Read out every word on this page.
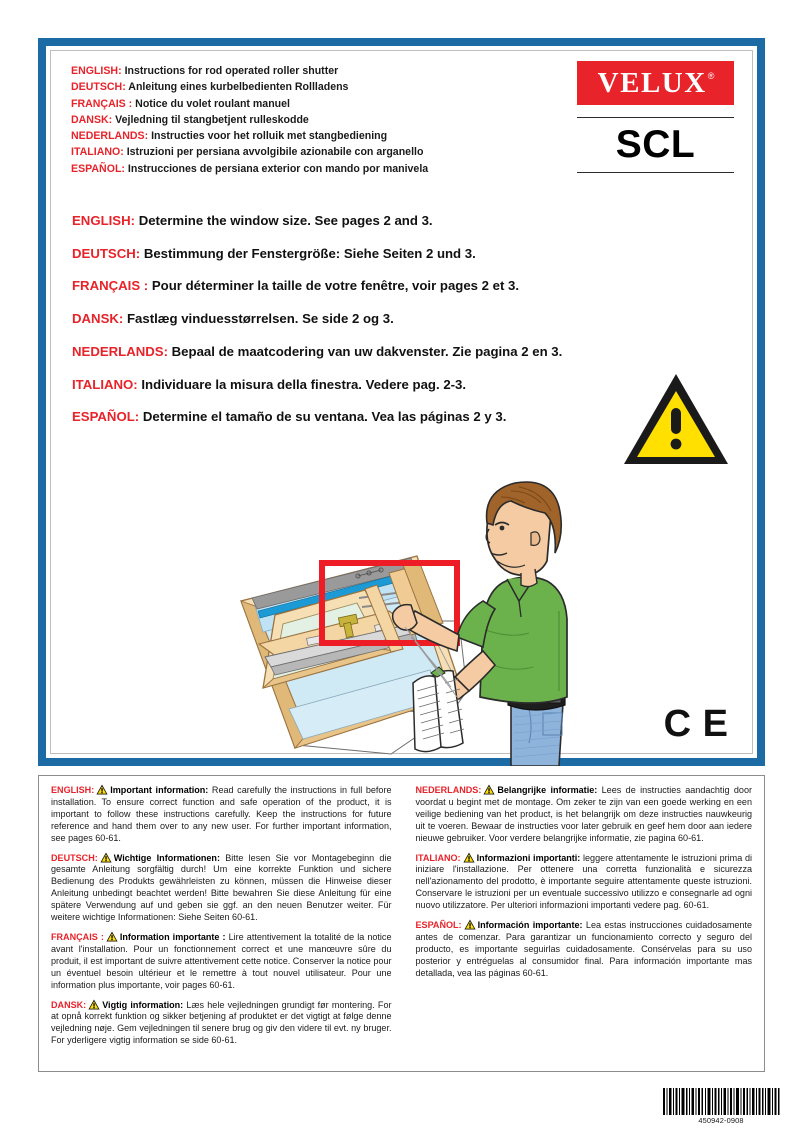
ENGLISH: Instructions for rod operated roller shutter
DEUTSCH: Anleitung eines kurbelbedienten Rollladens
FRANÇAIS : Notice du volet roulant manuel
DANSK: Vejledning til stangbetjent rulleskodde
NEDERLANDS: Instructies voor het rolluik met stangbediening
ITALIANO: Istruzioni per persiana avvolgibile azionabile con arganello
ESPAÑOL: Instrucciones de persiana exterior con mando por manivela
VELUX ®
SCL
ENGLISH: Determine the window size. See pages 2 and 3.
DEUTSCH: Bestimmung der Fenstergröße: Siehe Seiten 2 und 3.
FRANÇAIS : Pour déterminer la taille de votre fenêtre, voir pages 2 et 3.
DANSK: Fastlæg vinduesstørrelsen. Se side 2 og 3.
NEDERLANDS: Bepaal de maatcodering van uw dakvenster. Zie pagina 2 en 3.
ITALIANO: Individuare la misura della finestra. Vedere pag. 2-3.
ESPAÑOL: Determine el tamaño de su ventana. Vea las páginas 2 y 3.
C E

ENGLISH: Important information: Read carefully the instructions in full before installation. To ensure correct function and safe operation of the product, it is important to follow these instructions carefully. Keep the instructions for future reference and hand them over to any new user. For further important information, see pages 60-61.

DEUTSCH: Wichtige Informationen: Bitte lesen Sie vor Montagebeginn die gesamte Anleitung sorgfältig durch! Um eine korrekte Funktion und sichere Bedienung des Produkts gewährleisten zu können, müssen die Hinweise dieser Anleitung unbedingt beachtet werden! Bitte bewahren Sie diese Anleitung für eine spätere Verwendung auf und geben sie ggf. an den neuen Benutzer weiter. Für weitere wichtige Informationen: Siehe Seiten 60-61.

FRANÇAIS : Information importante : Lire attentivement la totalité de la notice avant l'installation. Pour un fonctionnement correct et une manœuvre sûre du produit, il est important de suivre attentivement cette notice. Conserver la notice pour un éventuel besoin ultérieur et le remettre à tout nouvel utilisateur. Pour une information plus importante, voir pages 60-61.

DANSK: Vigtig information: Læs hele vejledningen grundigt før montering. For at opnå korrekt funktion og sikker betjening af produktet er det vigtigt at følge denne vejledning nøje. Gem vejledningen til senere brug og giv den videre til evt. ny bruger. For yderligere vigtig information se side 60-61.

NEDERLANDS: Belangrijke informatie: Lees de instructies aandachtig door voordat u begint met de montage. Om zeker te zijn van een goede werking en een veilige bediening van het product, is het belangrijk om deze instructies nauwkeurig uit te voeren. Bewaar de instructies voor later gebruik en geef hem door aan iedere nieuwe gebruiker. Voor verdere belangrijke informatie, zie pagina 60-61.

ITALIANO: Informazioni importanti: leggere attentamente le istruzioni prima di iniziare l'installazione. Per ottenere una corretta funzionalità e sicurezza nell'azionamento del prodotto, è importante seguire attentamente queste istruzioni. Conservare le istruzioni per un eventuale successivo utilizzo e consegnarle ad ogni nuovo utilizzatore. Per ulteriori informazioni importanti vedere pag. 60-61.

ESPAÑOL: Información importante: Lea estas instrucciones cuidadosamente antes de comenzar. Para garantizar un funcionamiento correcto y seguro del producto, es importante seguirlas cuidadosamente. Consérvelas para su uso posterior y entréguelas al consumidor final. Para información importante mas detallada, vea las páginas 60-61.

450942-0908
